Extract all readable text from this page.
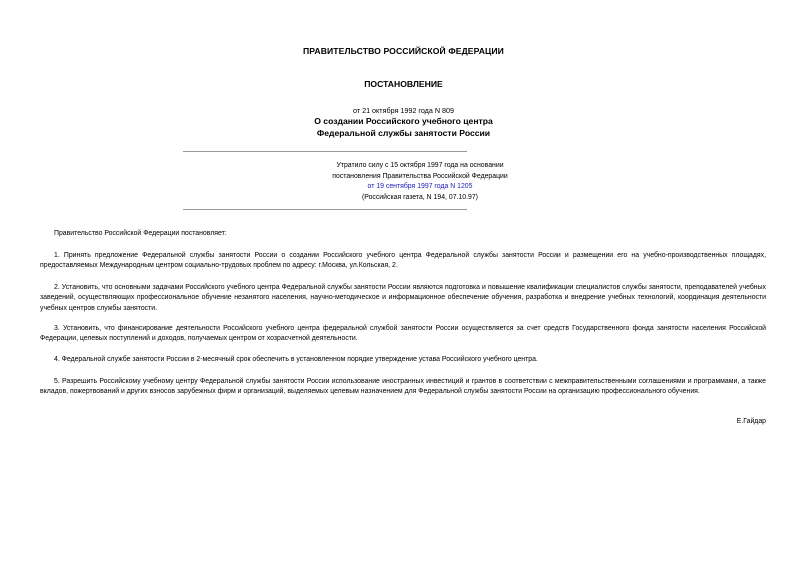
ПРАВИТЕЛЬСТВО РОССИЙСКОЙ ФЕДЕРАЦИИ
ПОСТАНОВЛЕНИЕ
от 21 октября 1992 года N 809
О создании Российского учебного центра
Федеральной службы занятости России
Утратило силу с 15 октября 1997 года на основании
постановления Правительства Российской Федерации
от 19 сентября 1997 года N 1205
(Российская газета, N 194, 07.10.97)

Правительство Российской Федерации постановляет:

1. Принять предложение Федеральной службы занятости России о создании Российского учебного центра Федеральной службы занятости России и размещении его на учебно-производственных площадях, предоставляемых Международным центром социально-трудовых проблем по адресу: г.Москва, ул.Кольская, 2.

2. Установить, что основными задачами Российского учебного центра Федеральной службы занятости России являются подготовка и повышение квалификации специалистов службы занятости, преподавателей учебных заведений, осуществляющих профессиональное обучение незанятого населения, научно-методическое и информационное обеспечение обучения, разработка и внедрение учебных технологий, координация деятельности учебных центров службы занятости.

3. Установить, что финансирование деятельности Российского учебного центра федеральной службой занятости России осуществляется за счет средств Государственного фонда занятости населения Российской Федерации, целевых поступлений и доходов, получаемых центром от хозрасчетной деятельности.

4. Федеральной службе занятости России в 2-месячный срок обеспечить в установленном порядке утверждение устава Российского учебного центра.

5. Разрешить Российскому учебному центру Федеральной службы занятости России использование иностранных инвестиций и грантов в соответствии с межправительственными соглашениями и программами, а также вкладов, пожертвований и других взносов зарубежных фирм и организаций, выделяемых целевым назначением для Федеральной службы занятости России на организацию профессионального обучения.

Е.Гайдар
